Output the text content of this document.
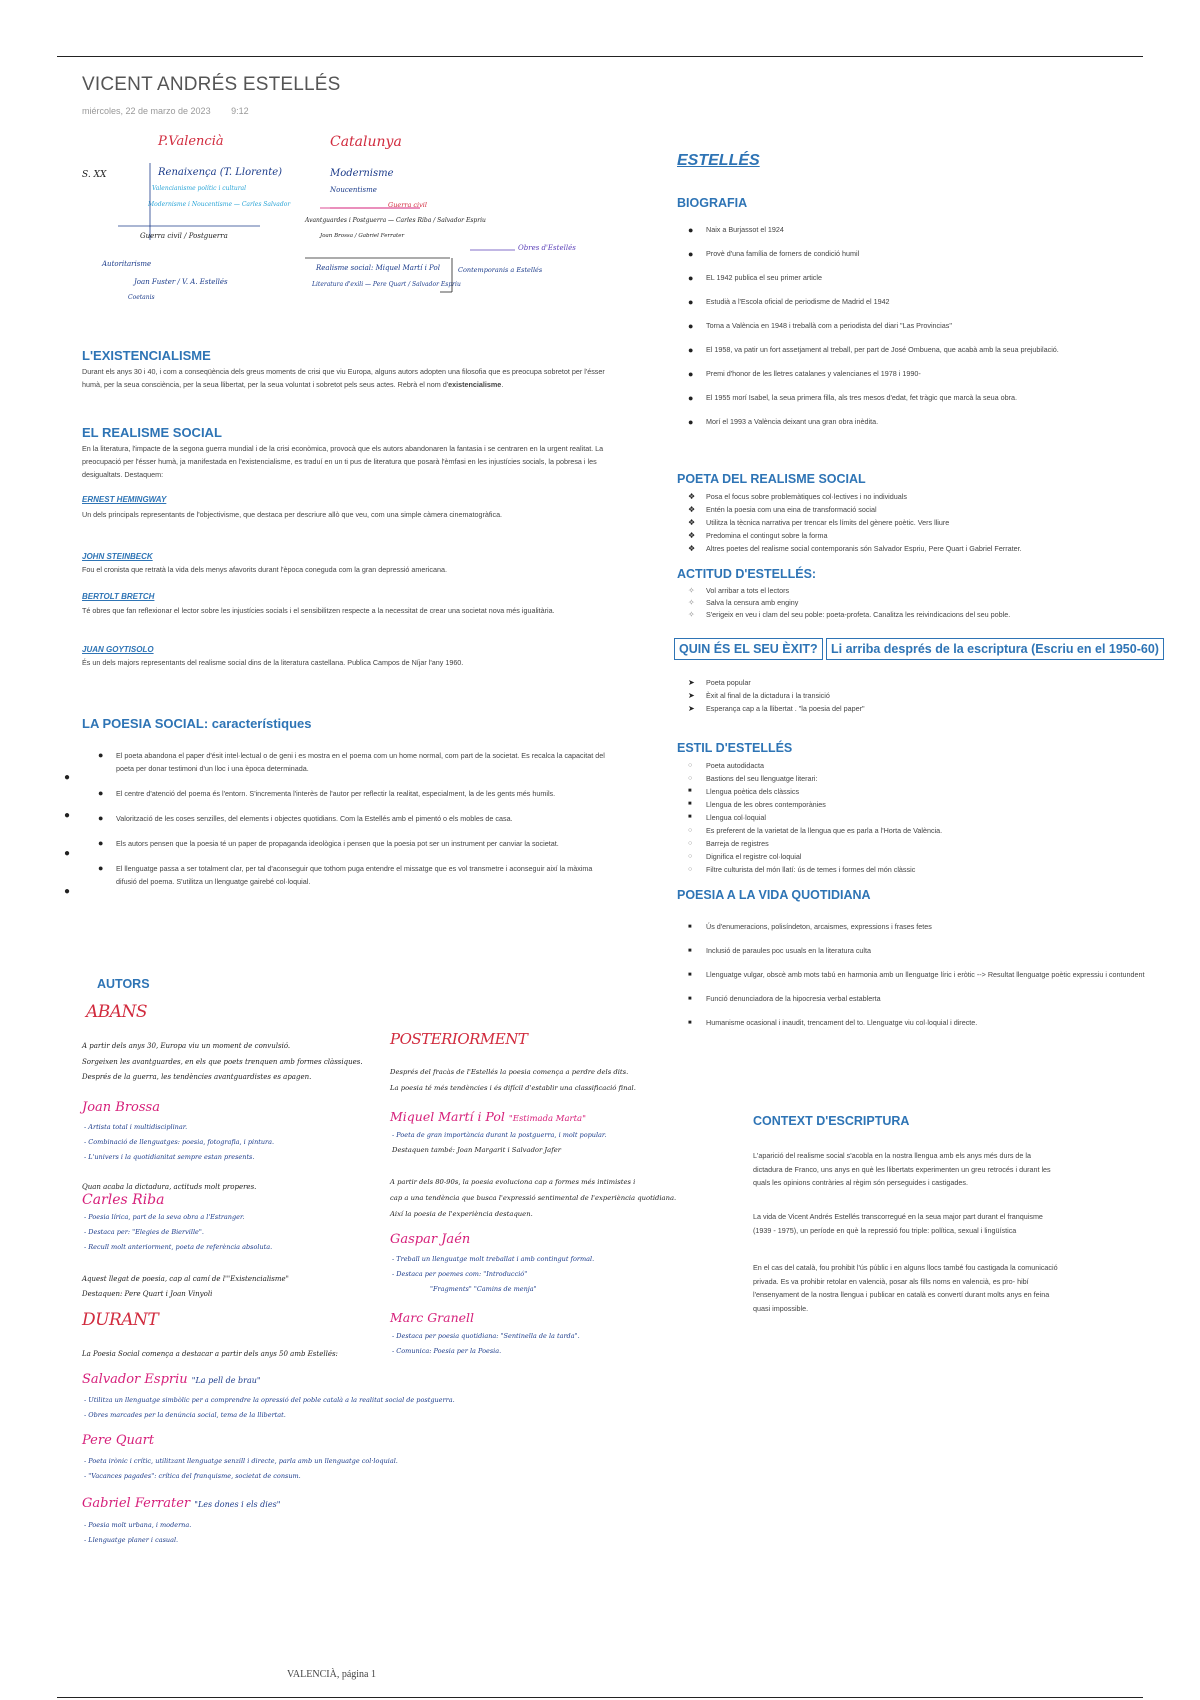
VICENT ANDRÉS ESTELLÉS
miércoles, 22 de marzo de 2023 9:12
P.Valencià	Catalunya
S. XX	Renaixença (T. Llorente)
Valencianisme polític i cultural
Modernisme i Noucentisme — Carles Salvador
Guerra civil / Postguerra
Autoritarisme
Joan Fuster / V. A. Estellés
Coetanis
Modernisme
Noucentisme
Guerra civil
Avantguardes i Postguerra — Carles Riba / Salvador Espriu
Joan Brossa / Gabriel Ferrater
Obres d'Estellés
Realisme social: Miquel Martí i Pol
Literatura d'exili — Pere Quart / Salvador Espriu
Contemporanis a Estellés
L'EXISTENCIALISME
Durant els anys 30 i 40, i com a conseqüència dels greus moments de crisi que viu Europa, alguns autors adopten una filosofia que es preocupa sobretot per l'ésser humà, per la seua consciència, per la seua llibertat, per la seua voluntat i sobretot pels seus actes. Rebrà el nom d'existencialisme.
EL REALISME SOCIAL
En la literatura, l'impacte de la segona guerra mundial i de la crisi econòmica, provocà que els autors abandonaren la fantasia i se centraren en la urgent realitat. La preocupació per l'ésser humà, ja manifestada en l'existencialisme, es traduí en un ti pus de literatura que posarà l'èmfasi en les injustícies socials, la pobresa i les desigualtats. Destaquem:
ERNEST HEMINGWAY
Un dels principals representants de l'objectivisme, que destaca per descriure allò que veu, com una simple càmera cinematogràfica.
JOHN STEINBECK
Fou el cronista que retratà la vida dels menys afavorits durant l'època coneguda com la gran depressió americana.
BERTOLT BRETCH
Té obres que fan reflexionar el lector sobre les injustícies socials i el sensibilitzen respecte a la necessitat de crear una societat nova més igualitària.
JUAN GOYTISOLO
És un dels majors representants del realisme social dins de la literatura castellana. Publica Campos de Níjar l'any 1960.
LA POESIA SOCIAL: característiques
● El poeta abandona el paper d'ésit intel·lectual o de geni i es mostra en el poema com un home normal, com part de la societat. Es recalca la capacitat del poeta per donar testimoni d'un lloc i una època determinada.
● El centre d'atenció del poema és l'entorn. S'incrementa l'interès de l'autor per reflectir la realitat, especialment, la de les gents més humils.
● Valorització de les coses senzilles, del elements i objectes quotidians. Com la Estellés amb el pimentó o els mobles de casa.
● Els autors pensen que la poesia té un paper de propaganda ideològica i pensen que la poesia pot ser un instrument per canviar la societat.
● El llenguatge passa a ser totalment clar, per tal d'aconseguir que tothom puga entendre el missatge que es vol transmetre i aconseguir així la màxima difusió del poema. S'utilitza un llenguatge gairebé col·loquial.
●
●
●
●
AUTORS
ABANS
A partir dels anys 30, Europa viu un moment de convulsió.
Sorgeixen les avantguardes, en els que poets trenquen amb formes clàssiques.
Després de la guerra, les tendències avantguardistes es apagen.
Joan Brossa
- Artista total i multidisciplinar.
- Combinació de llenguatges: poesia, fotografia, i pintura.
- L'univers i la quotidianitat sempre estan presents.
Quan acaba la dictadura, actituds molt properes.
Carles Riba
- Poesia lírica, part de la seva obra a l'Estranger.
- Destaca per: "Elegies de Bierville".
- Recull molt anteriorment, poeta de referència absoluta.
Aquest llegat de poesia, cap al camí de l'"Existencialisme"
Destaquen: Pere Quart i Joan Vinyoli
DURANT
La Poesia Social comença a destacar a partir dels anys 50 amb Estellés:
Salvador Espriu "La pell de brau"
- Utilitza un llenguatge simbòlic per a comprendre la opressió del poble català a la realitat social de postguerra.
- Obres marcades per la denúncia social, tema de la llibertat.
Pere Quart
- Poeta irònic i crític, utilitzant llenguatge senzill i directe, parla amb un llenguatge col·loquial.
- "Vacances pagades": crítica del franquisme, societat de consum.
Gabriel Ferrater "Les dones i els dies"
- Poesia molt urbana, i moderna.
- Llenguatge planer i casual.
POSTERIORMENT
Després del fracàs de l'Estellés la poesia comença a perdre dels dits.
La poesia té més tendències i és difícil d'establir una classificació final.
Miquel Martí i Pol "Estimada Marta"
- Poeta de gran importància durant la postguerra, i molt popular.
Destaquen també: Joan Margarit i Salvador Jafer
A partir dels 80-90s, la poesia evoluciona cap a formes més intimistes i
cap a una tendència que busca l'expressió sentimental de l'experiència quotidiana.
Així la poesia de l'experiència destaquen.
Gaspar Jaén
- Treball un llenguatge molt treballat i amb contingut formal.
- Destaca per poemes com: "Introducció"
"Fragments" "Camins de menja"
Marc Granell
- Destaca per poesia quotidiana: "Sentinella de la tarda".
- Comunica: Poesia per la Poesia.
ESTELLÉS
BIOGRAFIA
● Naix a Burjassot el 1924
● Provè d'una família de forners de condició humil
● EL 1942 publica el seu primer article
● Estudià a l'Escola oficial de periodisme de Madrid el 1942
● Torna a València en 1948 i treballà com a periodista del diari "Las Provincias"
● El 1958, va patir un fort assetjament al treball, per part de José Ombuena, que acabà amb la seua prejubilació.
● Premi d'honor de les lletres catalanes y valencianes el 1978 i 1990-
● El 1955 morí Isabel, la seua primera filla, als tres mesos d'edat, fet tràgic que marcà la seua obra.
● Morí el 1993 a València deixant una gran obra inèdita.
POETA DEL REALISME SOCIAL
❖ Posa el focus sobre problemàtiques col·lectives i no individuals
❖ Entén la poesia com una eina de transformació social
❖ Utilitza la tècnica narrativa per trencar els límits del gènere poètic. Vers lliure
❖ Predomina el contingut sobre la forma
❖ Altres poetes del realisme social contemporanis són Salvador Espriu, Pere Quart i Gabriel Ferrater.
ACTITUD D'ESTELLÉS:
✧ Vol arribar a tots el lectors
✧ Salva la censura amb enginy
✧ S'erigeix en veu i clam del seu poble: poeta-profeta. Canalitza les reivindicacions del seu poble.
QUIN ÉS EL SEU ÈXIT?	Li arriba després de la escriptura (Escriu en el 1950-60)
➤ Poeta popular
➤ Èxit al final de la dictadura i la transició
➤ Esperança cap a la llibertat . "la poesia del paper"
ESTIL D'ESTELLÉS
○ Poeta autodidacta
○ Bastions del seu llenguatge literari:
■ Llengua poètica dels clàssics
■ Llengua de les obres contemporànies
■ Llengua col·loquial
○ Es preferent de la varietat de la llengua que es parla a l'Horta de València.
○ Barreja de registres
○ Dignifica el registre col·loquial
○ Filtre culturista del món llatí: ús de temes i formes del món clàssic
POESIA A LA VIDA QUOTIDIANA
■ Ús d'enumeracions, polisíndeton, arcaismes, expressions i frases fetes
■ Inclusió de paraules poc usuals en la literatura culta
■ Llenguatge vulgar, obscè amb mots tabú en harmonia amb un llenguatge líric i eròtic --> Resultat llenguatge poètic expressiu i contundent
■ Funció denunciadora de la hipocresia verbal establerta
■ Humanisme ocasional i inaudit, trencament del to. Llenguatge viu col·loquial i directe.
CONTEXT D'ESCRIPTURA
L'aparició del realisme social s'acobla en la nostra llengua amb els anys més durs de la dictadura de Franco, uns anys en què les llibertats experimenten un greu retrocés i durant les quals les opinions contràries al règim són perseguides i castigades.
La vida de Vicent Andrés Estellés transcorregué en la seua major part durant el franquisme (1939 - 1975), un període en què la repressió fou triple: política, sexual i lingüística
En el cas del català, fou prohibit l'ús públic i en alguns llocs també fou castigada la comunicació privada. Es va prohibir retolar en valencià, posar als fills noms en valencià, es pro- hibí l'ensenyament de la nostra llengua i publicar en català es convertí durant molts anys en feina quasi impossible.
VALENCIÀ, página 1
